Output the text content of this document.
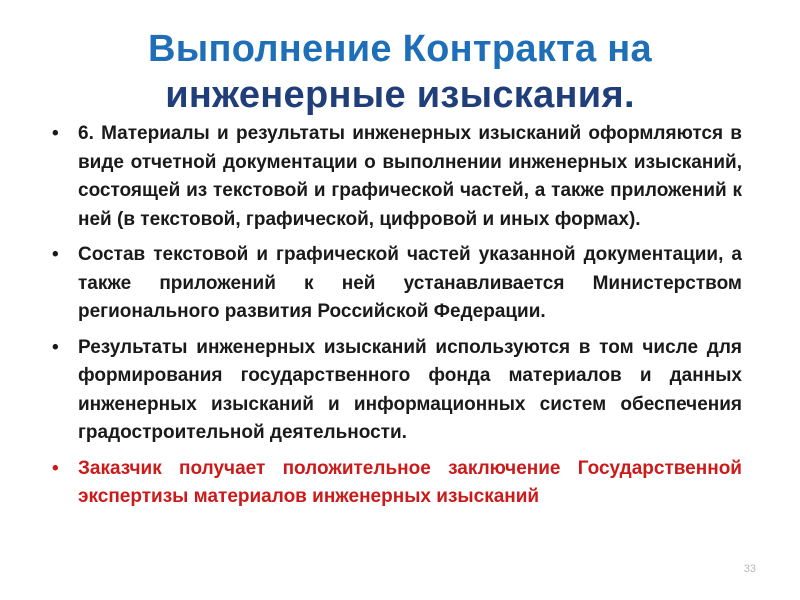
Выполнение Контракта на
инженерные изыскания.
• 6. Материалы и результаты инженерных изысканий оформляются в виде отчетной документации о выполнении инженерных изысканий, состоящей из текстовой и графической частей, а также приложений к ней (в текстовой, графической, цифровой и иных формах).
• Состав текстовой и графической частей указанной документации, а также приложений к ней устанавливается Министерством регионального развития Российской Федерации.
• Результаты инженерных изысканий используются в том числе для формирования государственного фонда материалов и данных инженерных изысканий и информационных систем обеспечения градостроительной деятельности.
• Заказчик получает положительное заключение Государственной экспертизы материалов инженерных изысканий
33
